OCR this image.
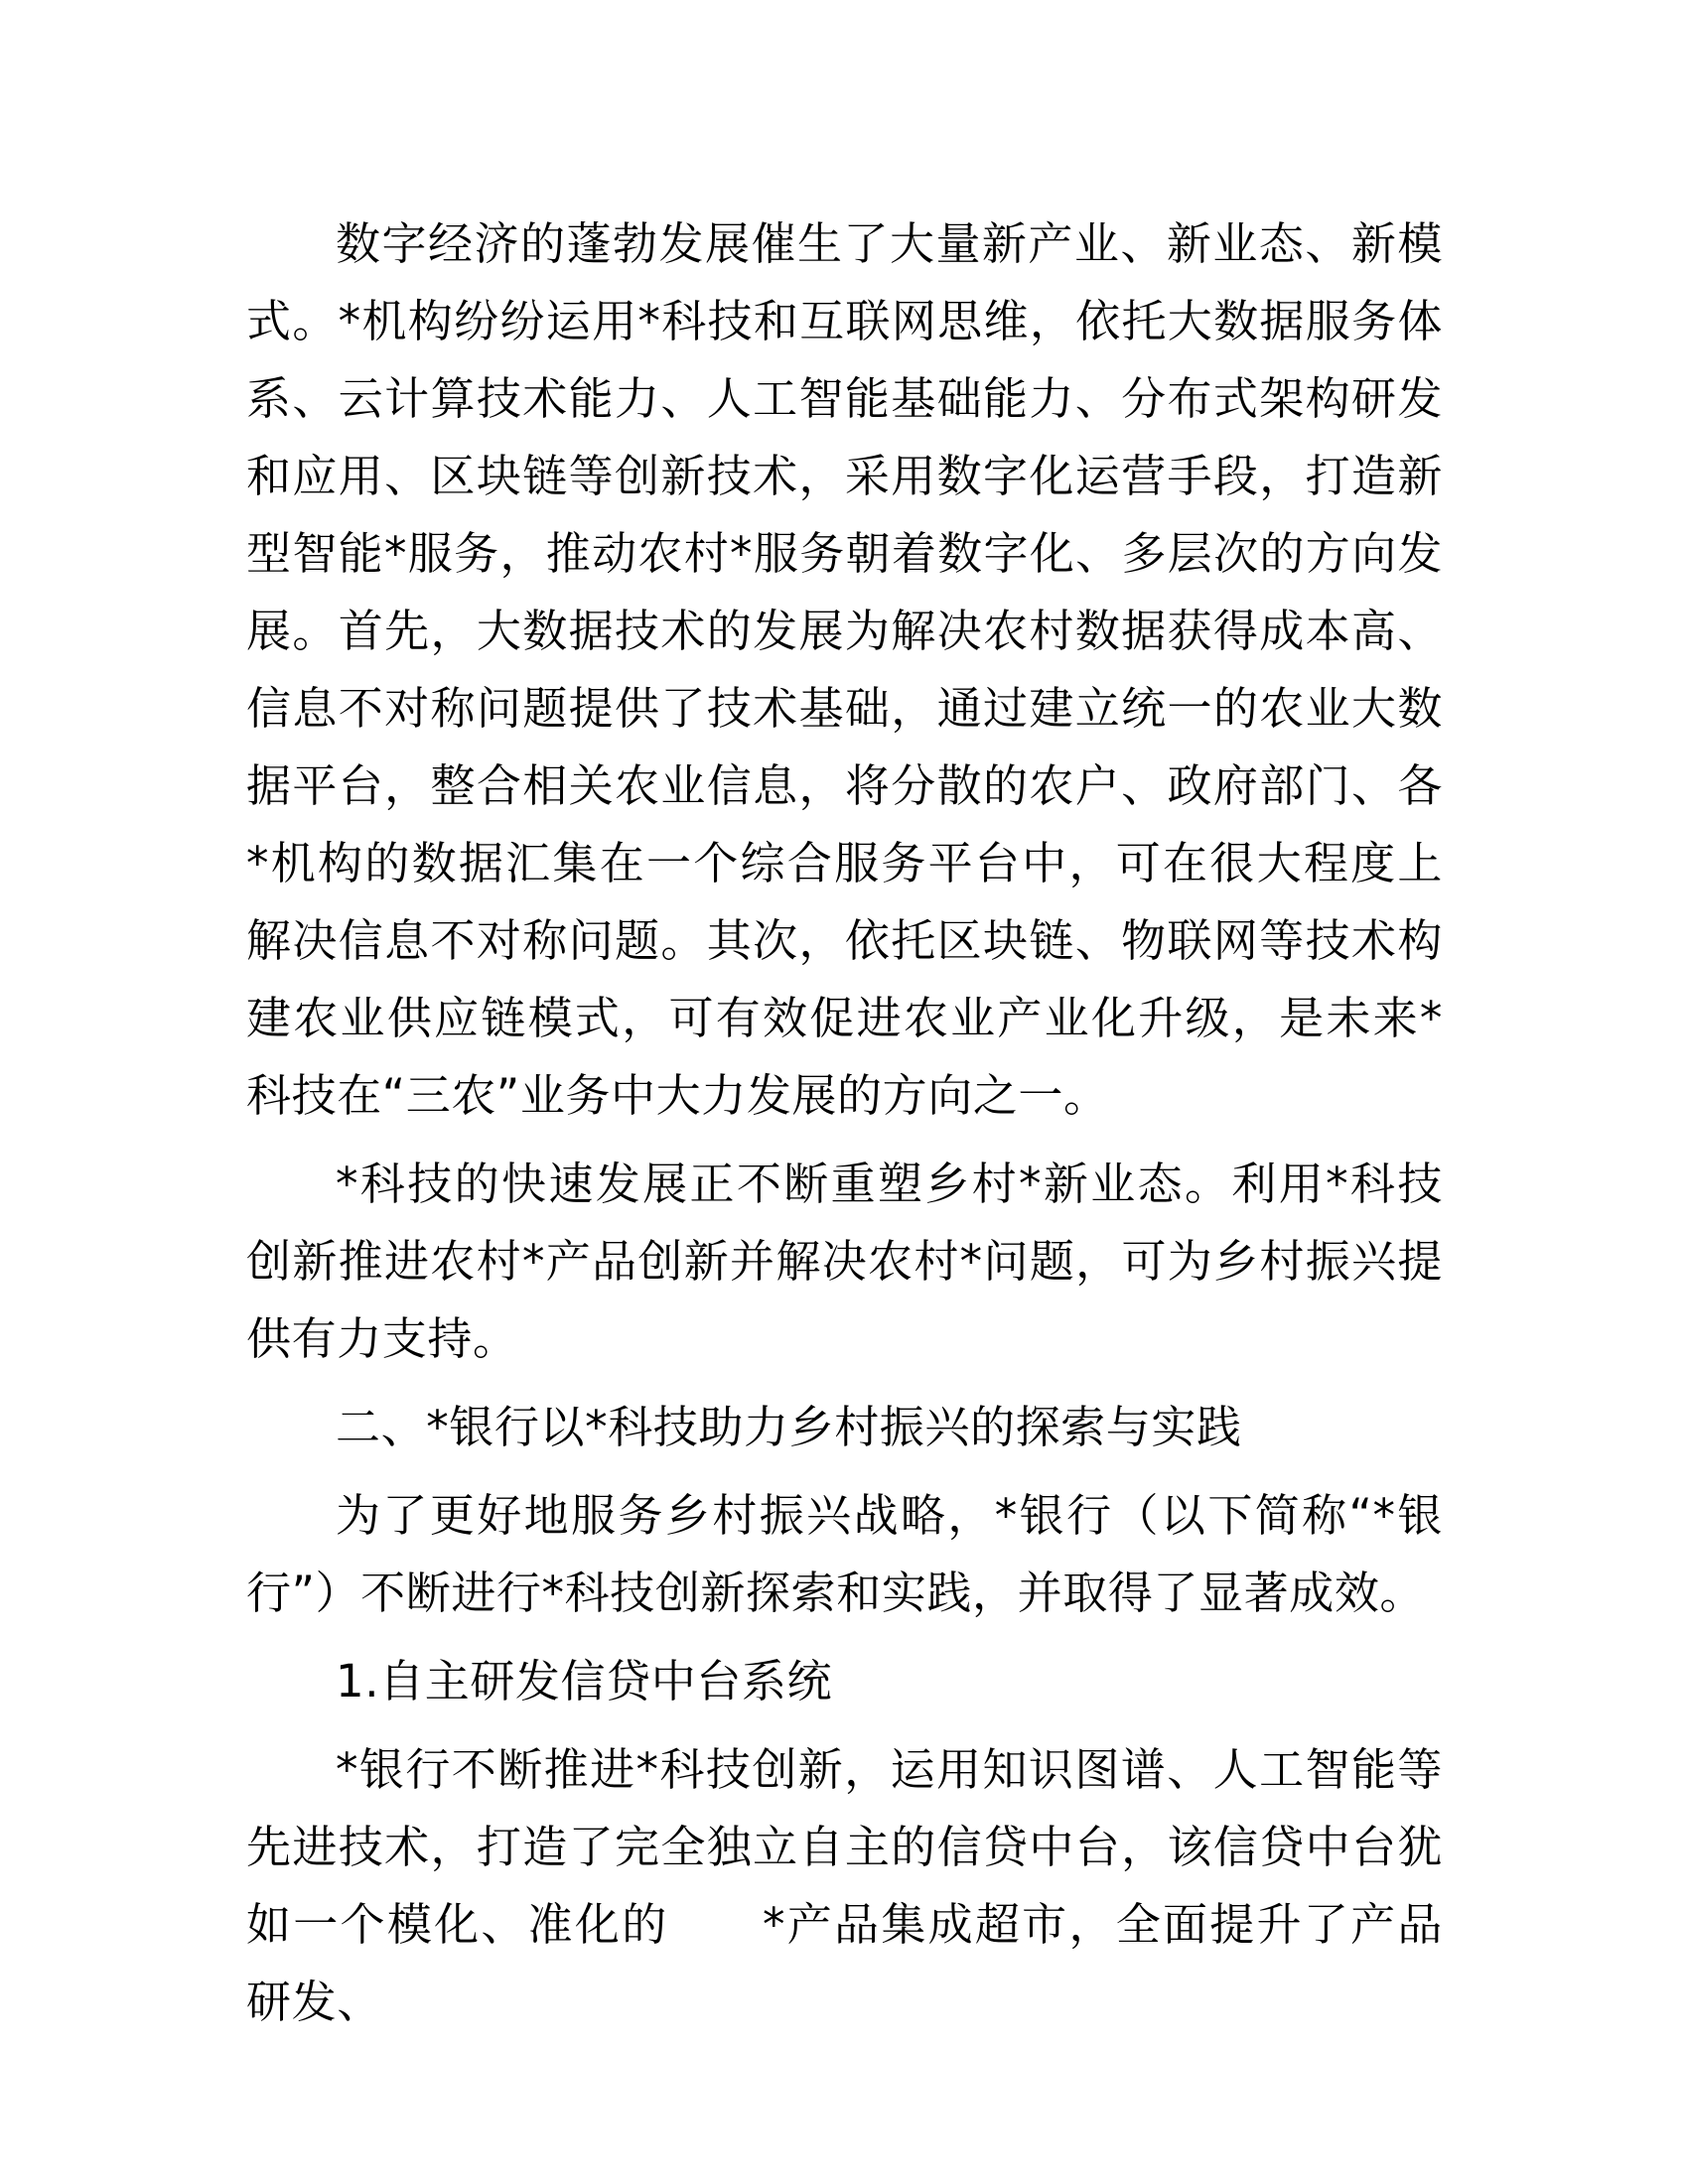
数字经济的蓬勃发展催生了大量新产业、新业态、新模式。*机构纷纷运用*科技和互联网思维，依托大数据服务体系、云计算技术能力、人工智能基础能力、分布式架构研发和应用、区块链等创新技术，采用数字化运营手段，打造新型智能*服务，推动农村*服务朝着数字化、多层次的方向发展。首先，大数据技术的发展为解决农村数据获得成本高、信息不对称问题提供了技术基础，通过建立统一的农业大数据平台，整合相关农业信息，将分散的农户、政府部门、各*机构的数据汇集在一个综合服务平台中，可在很大程度上解决信息不对称问题。其次，依托区块链、物联网等技术构建农业供应链模式，可有效促进农业产业化升级，是未来*科技在“三农”业务中大力发展的方向之一。

*科技的快速发展正不断重塑乡村*新业态。利用*科技创新推进农村*产品创新并解决农村*问题，可为乡村振兴提供有力支持。

二、*银行以*科技助力乡村振兴的探索与实践

为了更好地服务乡村振兴战略，*银行（以下简称“*银行”）不断进行*科技创新探索和实践，并取得了显著成效。

1.自主研发信贷中台系统

*银行不断推进*科技创新，运用知识图谱、人工智能等先进技术，打造了完全独立自主的信贷中台，该信贷中台犹如一个模化、准化的　　*产品集成超市，全面提升了产品研发、
